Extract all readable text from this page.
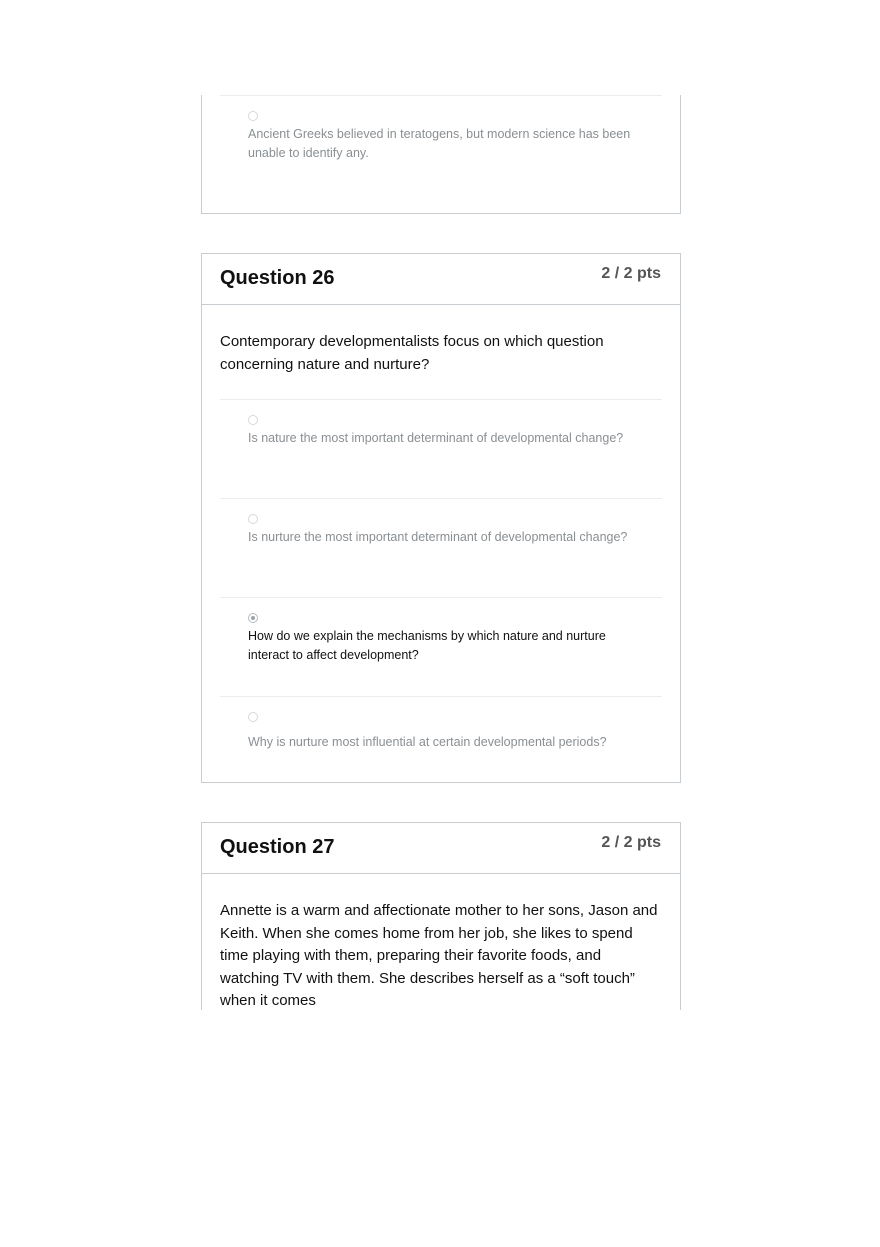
Ancient Greeks believed in teratogens, but modern science has been unable to identify any.
Question 26	2 / 2 pts
Contemporary developmentalists focus on which question concerning nature and nurture?
Is nature the most important determinant of developmental change?
Is nurture the most important determinant of developmental change?
How do we explain the mechanisms by which nature and nurture interact to affect development?
Why is nurture most influential at certain developmental periods?
Question 27	2 / 2 pts
Annette is a warm and affectionate mother to her sons, Jason and Keith. When she comes home from her job, she likes to spend time playing with them, preparing their favorite foods, and watching TV with them. She describes herself as a “soft touch” when it comes
